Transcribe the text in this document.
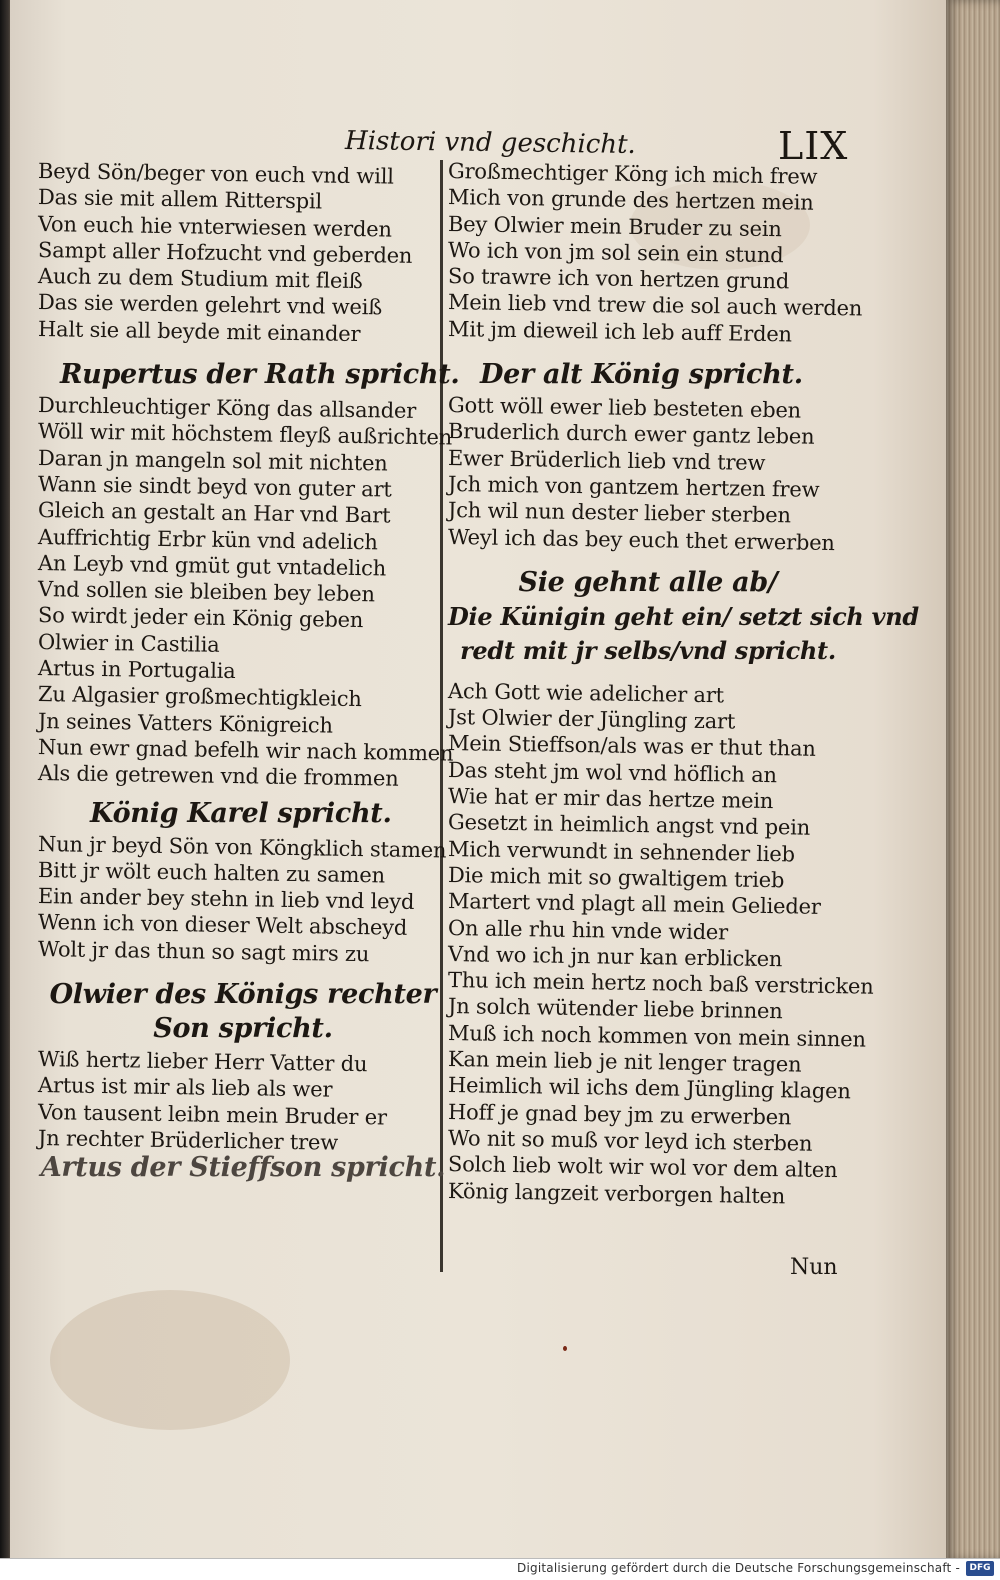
Histori vnd geschicht.	LIX
Beyd Sön/beger von euch vnd will
Das sie mit allem Ritterspil
Von euch hie vnterwiesen werden
Sampt aller Hofzucht vnd geberden
Auch zu dem Studium mit fleiß
Das sie werden gelehrt vnd weiß
Halt sie all beyde mit einander
Rupertus der Rath spricht.
Durchleuchtiger Köng das allsander
Wöll wir mit höchstem fleyß außrichten
Daran jn mangeln sol mit nichten
Wann sie sindt beyd von guter art
Gleich an gestalt an Har vnd Bart
Auffrichtig Erbr kün vnd adelich
An Leyb vnd gmüt gut vntadelich
Vnd sollen sie bleiben bey leben
So wirdt jeder ein König geben
Olwier in Castilia
Artus in Portugalia
Zu Algasier großmechtigkleich
Jn seines Vatters Königreich
Nun ewr gnad befelh wir nach kommen
Als die getrewen vnd die frommen
König Karel spricht.
Nun jr beyd Sön von Köngklich stamen
Bitt jr wölt euch halten zu samen
Ein ander bey stehn in lieb vnd leyd
Wenn ich von dieser Welt abscheyd
Wolt jr das thun so sagt mirs zu
Olwier des Königs rechter
Son spricht.
Wiß hertz lieber Herr Vatter du
Artus ist mir als lieb als wer
Von tausent leibn mein Bruder er
Jn rechter Brüderlicher trew
Artus der Stieffson spricht.
Großmechtiger Köng ich mich frew
Mich von grunde des hertzen mein
Bey Olwier mein Bruder zu sein
Wo ich von jm sol sein ein stund
So trawre ich von hertzen grund
Mein lieb vnd trew die sol auch werden
Mit jm dieweil ich leb auff Erden
Der alt König spricht.
Gott wöll ewer lieb besteten eben
Bruderlich durch ewer gantz leben
Ewer Brüderlich lieb vnd trew
Jch mich von gantzem hertzen frew
Jch wil nun dester lieber sterben
Weyl ich das bey euch thet erwerben
Sie gehnt alle ab/
Die Künigin geht ein/ setzt sich vnd
redt mit jr selbs/vnd spricht.
Ach Gott wie adelicher art
Jst Olwier der Jüngling zart
Mein Stieffson/als was er thut than
Das steht jm wol vnd höflich an
Wie hat er mir das hertze mein
Gesetzt in heimlich angst vnd pein
Mich verwundt in sehnender lieb
Die mich mit so gwaltigem trieb
Martert vnd plagt all mein Gelieder
On alle rhu hin vnde wider
Vnd wo ich jn nur kan erblicken
Thu ich mein hertz noch baß verstricken
Jn solch wütender liebe brinnen
Muß ich noch kommen von mein sinnen
Kan mein lieb je nit lenger tragen
Heimlich wil ichs dem Jüngling klagen
Hoff je gnad bey jm zu erwerben
Wo nit so muß vor leyd ich sterben
Solch lieb wolt wir wol vor dem alten
König langzeit verborgen halten
Nun
Digitalisierung gefördert durch die Deutsche Forschungsgemeinschaft -	DFG
